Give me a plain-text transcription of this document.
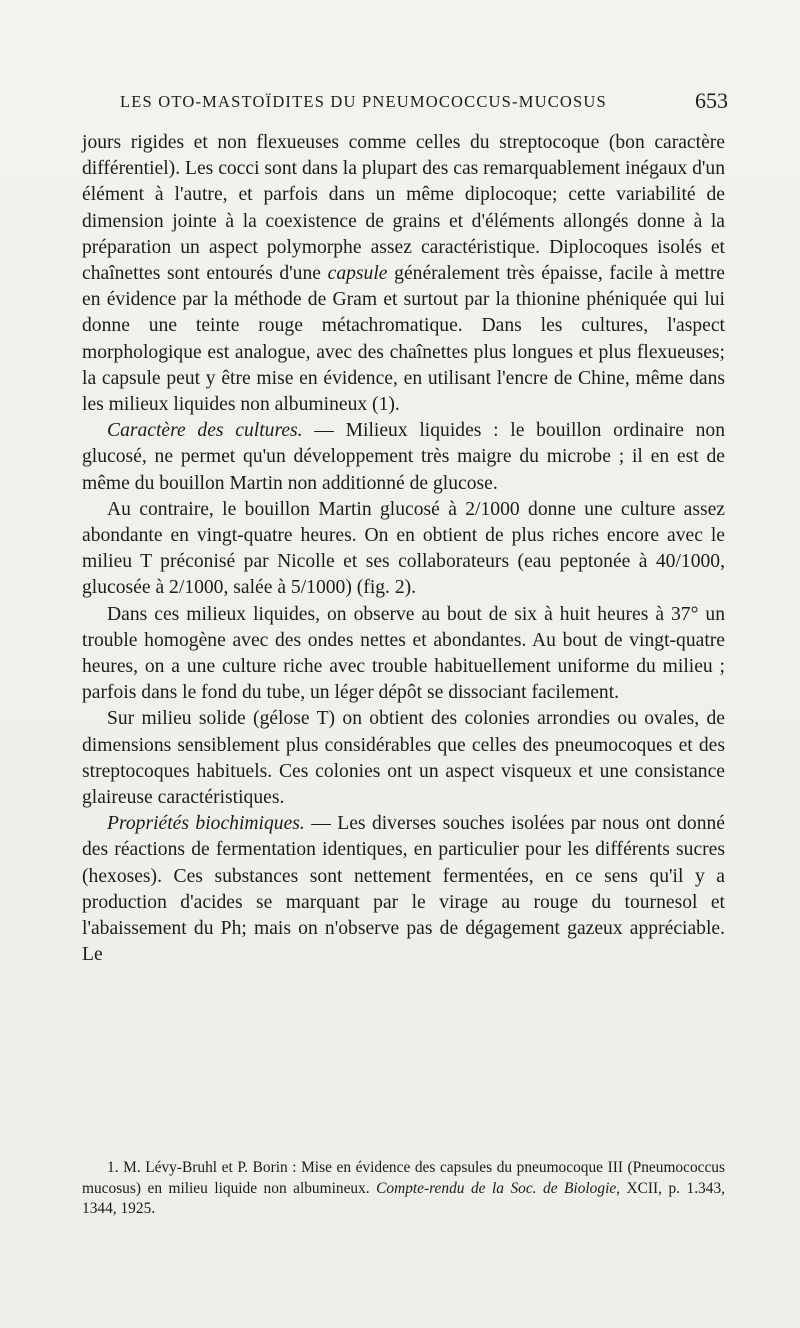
LES OTO-MASTOÏDITES DU PNEUMOCOCCUS-MUCOSUS	653

jours rigides et non flexueuses comme celles du streptocoque (bon caractère différentiel). Les cocci sont dans la plupart des cas remarquablement inégaux d'un élément à l'autre, et parfois dans un même diplocoque; cette variabilité de dimension jointe à la coexistence de grains et d'éléments allongés donne à la préparation un aspect polymorphe assez caractéristique. Diplocoques isolés et chaînettes sont entourés d'une capsule généralement très épaisse, facile à mettre en évidence par la méthode de Gram et surtout par la thionine phéniquée qui lui donne une teinte rouge métachromatique. Dans les cultures, l'aspect morphologique est analogue, avec des chaînettes plus longues et plus flexueuses; la capsule peut y être mise en évidence, en utilisant l'encre de Chine, même dans les milieux liquides non albumineux (1).

Caractère des cultures. — Milieux liquides : le bouillon ordinaire non glucosé, ne permet qu'un développement très maigre du microbe ; il en est de même du bouillon Martin non additionné de glucose.

Au contraire, le bouillon Martin glucosé à 2/1000 donne une culture assez abondante en vingt-quatre heures. On en obtient de plus riches encore avec le milieu T préconisé par Nicolle et ses collaborateurs (eau peptonée à 40/1000, glucosée à 2/1000, salée à 5/1000) (fig. 2).

Dans ces milieux liquides, on observe au bout de six à huit heures à 37° un trouble homogène avec des ondes nettes et abondantes. Au bout de vingt-quatre heures, on a une culture riche avec trouble habituellement uniforme du milieu ; parfois dans le fond du tube, un léger dépôt se dissociant facilement.

Sur milieu solide (gélose T) on obtient des colonies arrondies ou ovales, de dimensions sensiblement plus considérables que celles des pneumocoques et des streptocoques habituels. Ces colonies ont un aspect visqueux et une consistance glaireuse caractéristiques.

Propriétés biochimiques. — Les diverses souches isolées par nous ont donné des réactions de fermentation identiques, en particulier pour les différents sucres (hexoses). Ces substances sont nettement fermentées, en ce sens qu'il y a production d'acides se marquant par le virage au rouge du tournesol et l'abaissement du Ph; mais on n'observe pas de dégagement gazeux appréciable. Le

1. M. Lévy-Bruhl et P. Borin : Mise en évidence des capsules du pneumocoque III (Pneumococcus mucosus) en milieu liquide non albumineux. Compte-rendu de la Soc. de Biologie, XCII, p. 1.343, 1344, 1925.
